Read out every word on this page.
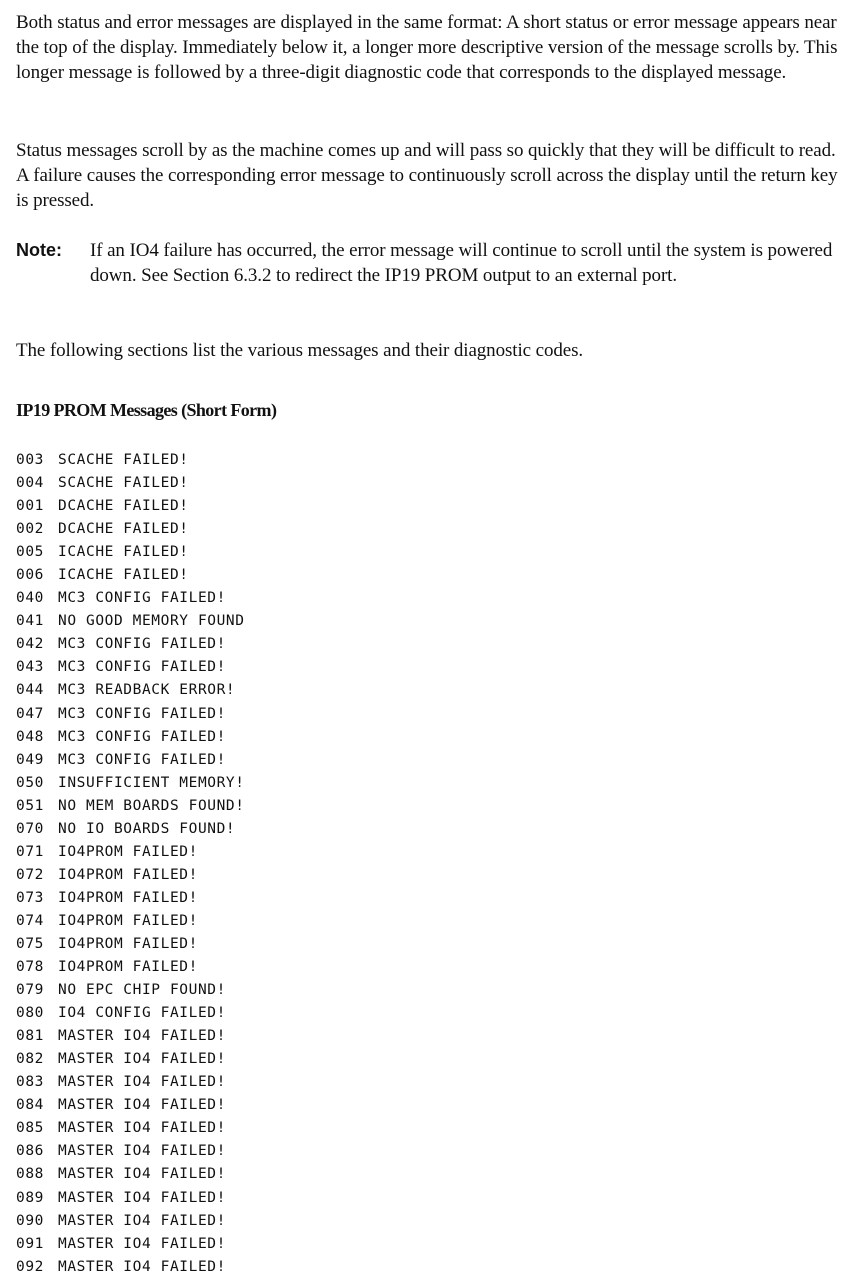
Both status and error messages are displayed in the same format: A short status or error message appears near the top of the display. Immediately below it, a longer more descriptive version of the message scrolls by. This longer message is followed by a three-digit diagnostic code that corresponds to the displayed message.

Status messages scroll by as the machine comes up and will pass so quickly that they will be difficult to read. A failure causes the corresponding error message to continuously scroll across the display until the return key is pressed.

Note: If an IO4 failure has occurred, the error message will continue to scroll until the system is powered down. See Section 6.3.2 to redirect the IP19 PROM output to an external port.

The following sections list the various messages and their diagnostic codes.

IP19 PROM Messages (Short Form)
003 SCACHE FAILED!
004 SCACHE FAILED!
001 DCACHE FAILED!
002 DCACHE FAILED!
005 ICACHE FAILED!
006 ICACHE FAILED!
040 MC3 CONFIG FAILED!
041 NO GOOD MEMORY FOUND
042 MC3 CONFIG FAILED!
043 MC3 CONFIG FAILED!
044 MC3 READBACK ERROR!
047 MC3 CONFIG FAILED!
048 MC3 CONFIG FAILED!
049 MC3 CONFIG FAILED!
050 INSUFFICIENT MEMORY!
051 NO MEM BOARDS FOUND!
070 NO IO BOARDS FOUND!
071 IO4PROM FAILED!
072 IO4PROM FAILED!
073 IO4PROM FAILED!
074 IO4PROM FAILED!
075 IO4PROM FAILED!
078 IO4PROM FAILED!
079 NO EPC CHIP FOUND!
080 IO4 CONFIG FAILED!
081 MASTER IO4 FAILED!
082 MASTER IO4 FAILED!
083 MASTER IO4 FAILED!
084 MASTER IO4 FAILED!
085 MASTER IO4 FAILED!
086 MASTER IO4 FAILED!
088 MASTER IO4 FAILED!
089 MASTER IO4 FAILED!
090 MASTER IO4 FAILED!
091 MASTER IO4 FAILED!
092 MASTER IO4 FAILED!
